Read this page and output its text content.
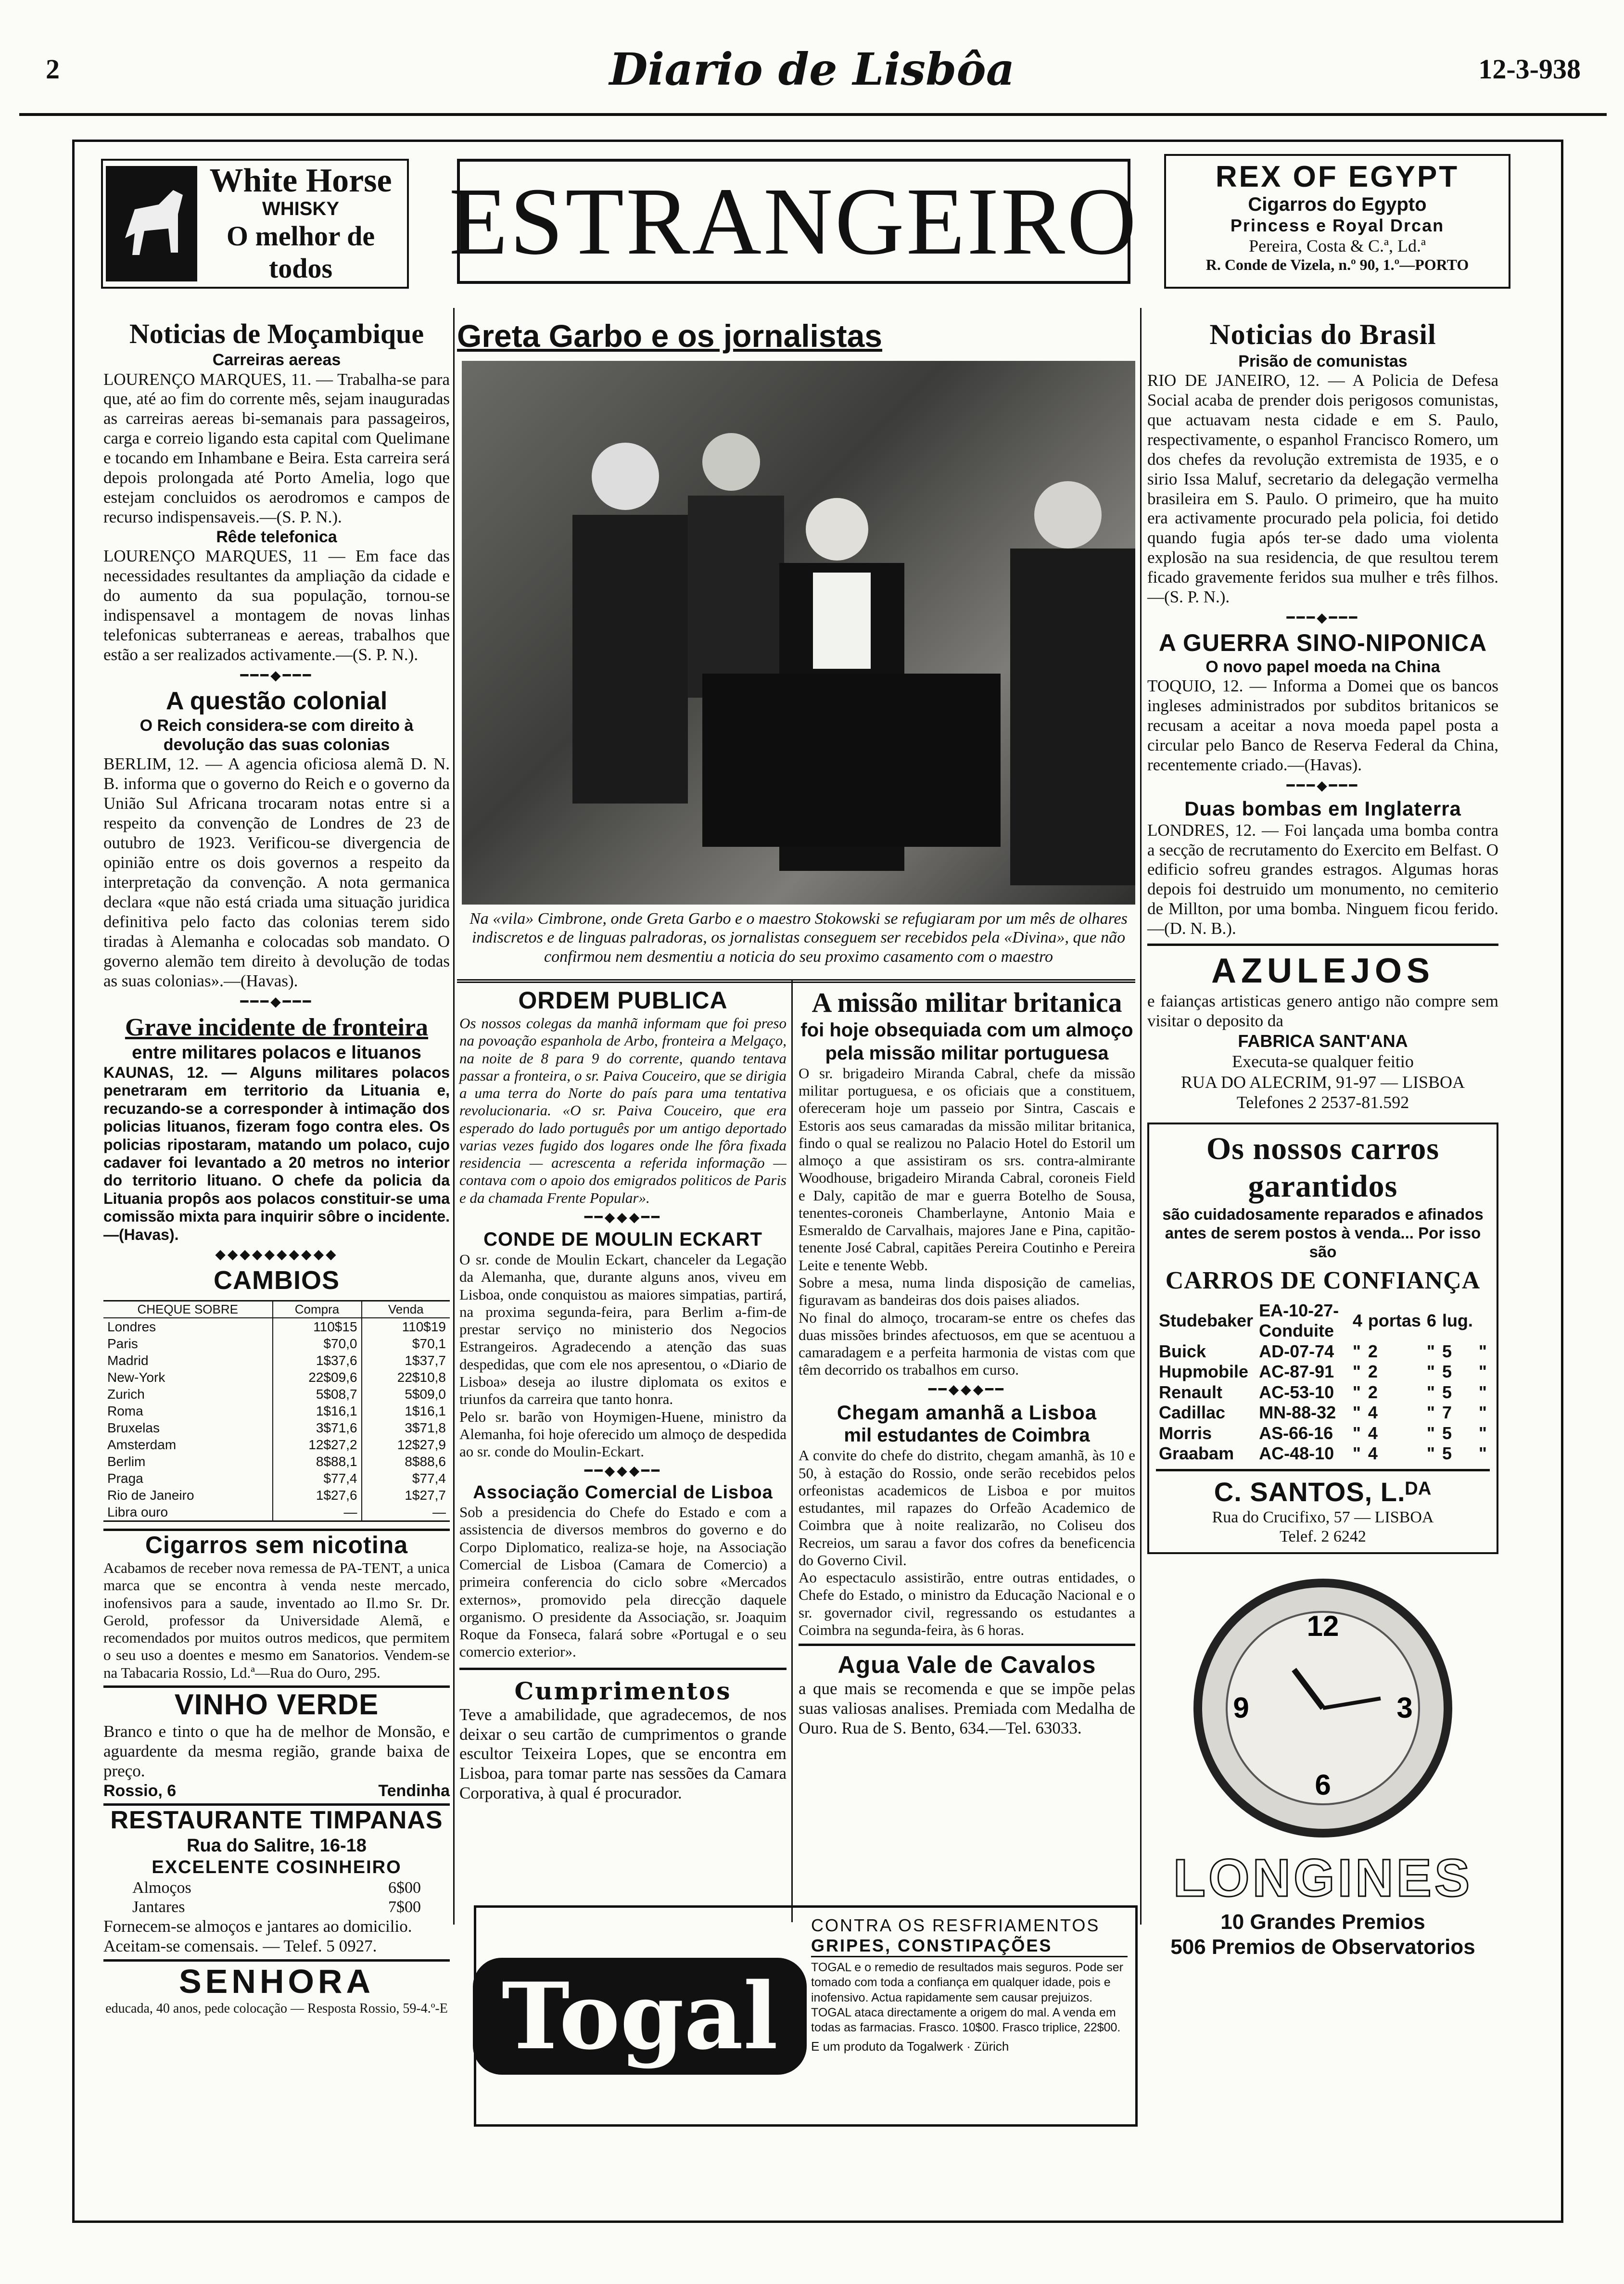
2	Diario de Lisbôa	12-3-938
White Horse
WHISKY
O melhor de todos	ESTRANGEIRO	REX OF EGYPT
Cigarros do Egypto
Princess e Royal Drcan
Pereira, Costa & C.ª, Ld.ª
R. Conde de Vizela, n.º 90, 1.º—PORTO
Noticias de Moçambique
Carreiras aereas

LOURENÇO MARQUES, 11. — Trabalha-se para que, até ao fim do corrente mês, sejam inauguradas as carreiras aereas bi-semanais para passageiros, carga e correio ligando esta capital com Quelimane e tocando em Inhambane e Beira. Esta carreira será depois prolongada até Porto Amelia, logo que estejam concluidos os aerodromos e campos de recurso indispensaveis.—(S. P. N.).

Rêde telefonica

LOURENÇO MARQUES, 11 — Em face das necessidades resultantes da ampliação da cidade e do aumento da sua população, tornou-se indispensavel a montagem de novas linhas telefonicas subterraneas e aereas, trabalhos que estão a ser realizados activamente.—(S. P. N.).

━━━◆━━━
A questão colonial
O Reich considera-se com direito à devolução das suas colonias

BERLIM, 12. — A agencia oficiosa alemã D. N. B. informa que o governo do Reich e o governo da União Sul Africana trocaram notas entre si a respeito da convenção de Londres de 23 de outubro de 1923. Verificou-se divergencia de opinião entre os dois governos a respeito da interpretação da convenção. A nota germanica declara «que não está criada uma situação juridica definitiva pelo facto das colonias terem sido tiradas à Alemanha e colocadas sob mandato. O governo alemão tem direito à devolução de todas as suas colonias».—(Havas).

━━━◆━━━
Grave incidente de fronteira
entre militares polacos e lituanos

KAUNAS, 12. — Alguns militares polacos penetraram em territorio da Lituania e, recuzando-se a corresponder à intimação dos policias lituanos, fizeram fogo contra eles. Os policias ripostaram, matando um polaco, cujo cadaver foi levantado a 20 metros no interior do territorio lituano. O chefe da policia da Lituania propôs aos polacos constituir-se uma comissão mixta para inquirir sôbre o incidente.—(Havas).

◆◆◆◆◆◆◆◆◆◆
CAMBIOS
CHEQUE SOBRE	Compra	Venda
Londres	110$15	110$19
Paris	$70,0	$70,1
Madrid	1$37,6	1$37,7
New-York	22$09,6	22$10,8
Zurich	5$08,7	5$09,0
Roma	1$16,1	1$16,1
Bruxelas	3$71,6	3$71,8
Amsterdam	12$27,2	12$27,9
Berlim	8$88,1	8$88,6
Praga	$77,4	$77,4
Rio de Janeiro	1$27,6	1$27,7
Libra ouro	—	—
Cigarros sem nicotina

Acabamos de receber nova remessa de PA-TENT, a unica marca que se encontra à venda neste mercado, inofensivos para a saude, inventado ao Il.mo Sr. Dr. Gerold, professor da Universidade Alemã, e recomendados por muitos outros medicos, que permitem o seu uso a doentes e mesmo em Sanatorios. Vendem-se na Tabacaria Rossio, Ld.ª—Rua do Ouro, 295.

VINHO VERDE

Branco e tinto o que ha de melhor de Monsão, e aguardente da mesma região, grande baixa de preço.

Rossio, 6	Tendinha
RESTAURANTE TIMPANAS
Rua do Salitre, 16-18
EXCELENTE COSINHEIRO
Almoços	6$00
Jantares	7$00

Fornecem-se almoços e jantares ao domicilio.

Aceitam-se comensais. — Telef. 5 0927.

SENHORA

educada, 40 anos, pede colocação — Resposta Rossio, 59-4.º-E

Greta Garbo e os jornalistas

Na «vila» Cimbrone, onde Greta Garbo e o maestro Stokowski se refugiaram por um mês de olhares indiscretos e de linguas palradoras, os jornalistas conseguem ser recebidos pela «Divina», que não confirmou nem desmentiu a noticia do seu proximo casamento com o maestro

ORDEM PUBLICA

Os nossos colegas da manhã informam que foi preso na povoação espanhola de Arbo, fronteira a Melgaço, na noite de 8 para 9 do corrente, quando tentava passar a fronteira, o sr. Paiva Couceiro, que se dirigia a uma terra do Norte do país para uma tentativa revolucionaria. «O sr. Paiva Couceiro, que era esperado do lado português por um antigo deportado varias vezes fugido dos logares onde lhe fôra fixada residencia — acrescenta a referida informação — contava com o apoio dos emigrados politicos de Paris e da chamada Frente Popular».

━━◆◆◆━━
CONDE DE MOULIN ECKART

O sr. conde de Moulin Eckart, chanceler da Legação da Alemanha, que, durante alguns anos, viveu em Lisboa, onde conquistou as maiores simpatias, partirá, na proxima segunda-feira, para Berlim a-fim-de prestar serviço no ministerio dos Negocios Estrangeiros. Agradecendo a atenção das suas despedidas, que com ele nos apresentou, o «Diario de Lisboa» deseja ao ilustre diplomata os exitos e triunfos da carreira que tanto honra.

Pelo sr. barão von Hoymigen-Huene, ministro da Alemanha, foi hoje oferecido um almoço de despedida ao sr. conde do Moulin-Eckart.

━━◆◆◆━━
Associação Comercial de Lisboa

Sob a presidencia do Chefe do Estado e com a assistencia de diversos membros do governo e do Corpo Diplomatico, realiza-se hoje, na Associação Comercial de Lisboa (Camara de Comercio) a primeira conferencia do ciclo sobre «Mercados externos», promovido pela direcção daquele organismo. O presidente da Associação, sr. Joaquim Roque da Fonseca, falará sobre «Portugal e o seu comercio exterior».

Cumprimentos

Teve a amabilidade, que agradecemos, de nos deixar o seu cartão de cumprimentos o grande escultor Teixeira Lopes, que se encontra em Lisboa, para tomar parte nas sessões da Camara Corporativa, à qual é procurador.

A missão militar britanica
foi hoje obsequiada com um almoço pela missão militar portuguesa

O sr. brigadeiro Miranda Cabral, chefe da missão militar portuguesa, e os oficiais que a constituem, ofereceram hoje um passeio por Sintra, Cascais e Estoris aos seus camaradas da missão militar britanica, findo o qual se realizou no Palacio Hotel do Estoril um almoço a que assistiram os srs. contra-almirante Woodhouse, brigadeiro Miranda Cabral, coroneis Field e Daly, capitão de mar e guerra Botelho de Sousa, tenentes-coroneis Chamberlayne, Antonio Maia e Esmeraldo de Carvalhais, majores Jane e Pina, capitão-tenente José Cabral, capitães Pereira Coutinho e Pereira Leite e tenente Webb.

Sobre a mesa, numa linda disposição de camelias, figuravam as bandeiras dos dois paises aliados.

No final do almoço, trocaram-se entre os chefes das duas missões brindes afectuosos, em que se acentuou a camaradagem e a perfeita harmonia de vistas com que têm decorrido os trabalhos em curso.

━━◆◆◆━━
Chegam amanhã a Lisboa
mil estudantes de Coimbra

A convite do chefe do distrito, chegam amanhã, às 10 e 50, à estação do Rossio, onde serão recebidos pelos orfeonistas academicos de Lisboa e por muitos estudantes, mil rapazes do Orfeão Academico de Coimbra que à noite realizarão, no Coliseu dos Recreios, um sarau a favor dos cofres da beneficencia do Governo Civil.

Ao espectaculo assistirão, entre outras entidades, o Chefe do Estado, o ministro da Educação Nacional e o sr. governador civil, regressando os estudantes a Coimbra na segunda-feira, às 6 horas.

Agua Vale de Cavalos

a que mais se recomenda e que se impõe pelas suas valiosas analises. Premiada com Medalha de Ouro. Rua de S. Bento, 634.—Tel. 63033.

Togal
CONTRA OS RESFRIAMENTOS
GRIPES, CONSTIPAÇÕES
TOGAL e o remedio de resultados mais seguros. Pode ser tomado com toda a confiança em qualquer idade, pois e inofensivo. Actua rapidamente sem causar prejuizos. TOGAL ataca directamente a origem do mal. A venda em todas as farmacias. Frasco. 10$00. Frasco triplice, 22$00.
E um produto da Togalwerk · Zürich
Noticias do Brasil
Prisão de comunistas

RIO DE JANEIRO, 12. — A Policia de Defesa Social acaba de prender dois perigosos comunistas, que actuavam nesta cidade e em S. Paulo, respectivamente, o espanhol Francisco Romero, um dos chefes da revolução extremista de 1935, e o sirio Issa Maluf, secretario da delegação vermelha brasileira em S. Paulo. O primeiro, que ha muito era activamente procurado pela policia, foi detido quando fugia após ter-se dado uma violenta explosão na sua residencia, de que resultou terem ficado gravemente feridos sua mulher e três filhos.—(S. P. N.).

━━━◆━━━
A GUERRA SINO-NIPONICA
O novo papel moeda na China

TOQUIO, 12. — Informa a Domei que os bancos ingleses administrados por subditos britanicos se recusam a aceitar a nova moeda papel posta a circular pelo Banco de Reserva Federal da China, recentemente criado.—(Havas).

━━━◆━━━
Duas bombas em Inglaterra

LONDRES, 12. — Foi lançada uma bomba contra a secção de recrutamento do Exercito em Belfast. O edificio sofreu grandes estragos. Algumas horas depois foi destruido um monumento, no cemiterio de Millton, por uma bomba. Ninguem ficou ferido.—(D. N. B.).

AZULEJOS

e faianças artisticas genero antigo não compre sem visitar o deposito da

FABRICA SANT'ANA
Executa-se qualquer feitio
RUA DO ALECRIM, 91-97 — LISBOA
Telefones 2 2537-81.592
Os nossos carros garantidos
são cuidadosamente reparados e afinados antes de serem postos à venda... Por isso são
CARROS DE CONFIANÇA
Studebaker	EA-10-27-Conduite	4	portas	6	lug.	
Buick	AD-07-74	"	2	"	5	"
Hupmobile	AC-87-91	"	2	"	5	"
Renault	AC-53-10	"	2	"	5	"
Cadillac	MN-88-32	"	4	"	7	"
Morris	AS-66-16	"	4	"	5	"
Graabam	AC-48-10	"	4	"	5	"
C. SANTOS, L.ᴰᴬ
Rua do Crucifixo, 57 — LISBOA
Telef. 2 6242
12
6
9	3
LONGINES
10 Grandes Premios
506 Premios de Observatorios
